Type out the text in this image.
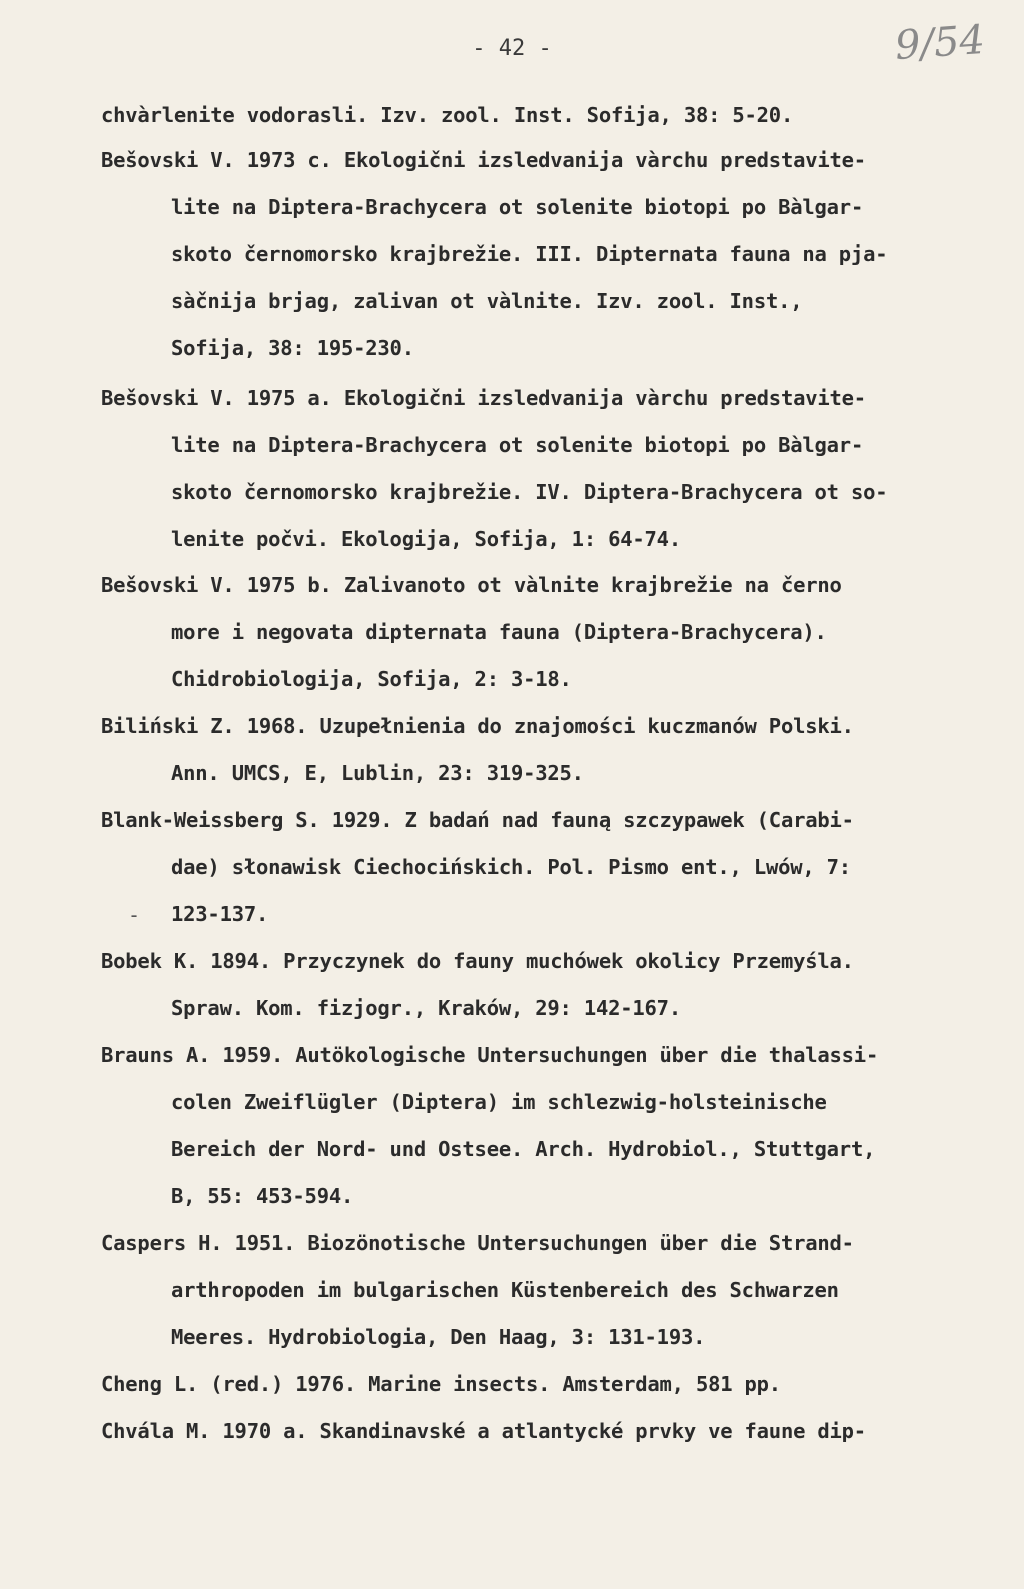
- 42 -	9/54
chvàrlenite vodorasli. Izv. zool. Inst. Sofija, 38: 5-20.
Bešovski V. 1973 c. Ekologični izsledvanija vàrchu predstavite-
lite na Diptera-Brachycera ot solenite biotopi po Bàlgar-
skoto černomorsko krajbrežie. III. Dipternata fauna na pja-
sàčnija brjag, zalivan ot vàlnite. Izv. zool. Inst.,
Sofija, 38: 195-230.
Bešovski V. 1975 a. Ekologični izsledvanija vàrchu predstavite-
lite na Diptera-Brachycera ot solenite biotopi po Bàlgar-
skoto černomorsko krajbrežie. IV. Diptera-Brachycera ot so-
lenite počvi. Ekologija, Sofija, 1: 64-74.
Bešovski V. 1975 b. Zalivanoto ot vàlnite krajbrežie na černo
more i negovata dipternata fauna (Diptera-Brachycera).
Chidrobiologija, Sofija, 2: 3-18.
Biliński Z. 1968. Uzupełnienia do znajomości kuczmanów Polski.
Ann. UMCS, E, Lublin, 23: 319-325.
Blank-Weissberg S. 1929. Z badań nad fauną szczypawek (Carabi-
dae) słonawisk Ciechocińskich. Pol. Pismo ent., Lwów, 7:
- 123-137.
Bobek K. 1894. Przyczynek do fauny muchówek okolicy Przemyśla.
Spraw. Kom. fizjogr., Kraków, 29: 142-167.
Brauns A. 1959. Autökologische Untersuchungen über die thalassi-
colen Zweiflügler (Diptera) im schlezwig-holsteinische
Bereich der Nord- und Ostsee. Arch. Hydrobiol., Stuttgart,
B, 55: 453-594.
Caspers H. 1951. Biozönotische Untersuchungen über die Strand-
arthropoden im bulgarischen Küstenbereich des Schwarzen
Meeres. Hydrobiologia, Den Haag, 3: 131-193.
Cheng L. (red.) 1976. Marine insects. Amsterdam, 581 pp.
Chvála M. 1970 a. Skandinavské a atlantycké prvky ve faune dip-
